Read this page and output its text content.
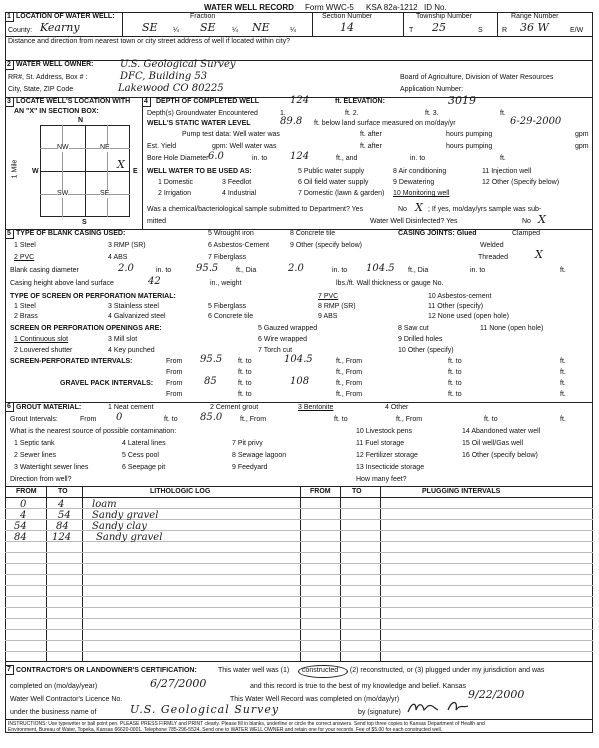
WATER WELL RECORD Form WWC-5 KSA 82a-1212 ID No.
1 LOCATION OF WATER WELL:	Fraction	Section Number	Township Number	Range Number
County: Kearny	SE ¼ SE ¼ NE	¼	14	T 25	S	R 36 W	E/W
Distance and direction from nearest town or city street address of well if located within city?
2 WATER WELL OWNER:	U.S. Geological Survey
RR#, St. Address, Box # :	DFC, Building 53
City, State, ZIP Code	Lakewood CO 80225
Board of Agriculture, Division of Water Resources
Application Number:
3 LOCATE WELL'S LOCATION WITH
AN "X" IN SECTION BOX:
N
NW	NE
SW	SE
W	E
S
X
1 Mile
4 DEPTH OF COMPLETED WELL	124	ft. ELEVATION:	3019
Depth(s) Groundwater Encountered	1.	ft. 2.	ft. 3.	ft.
WELL'S STATIC WATER LEVEL	89.8 ft. below land surface measured on mo/day/yr	6-29-2000
Pump test data: Well water was	ft. after	hours pumping	gpm
Est. Yield	gpm: Well water was	ft. after	hours pumping	gpm
Bore Hole Diameter 6.0	in. to 124	ft., and	in. to	ft.
WELL WATER TO BE USED AS:	5 Public water supply	8 Air conditioning	11 Injection well
1 Domestic	3 Feedlot	6 Oil field water supply	9 Dewatering	12 Other (Specify below)
2 Irrigation	4 Industrial	7 Domestic (lawn & garden) 10 Monitoring well
Was a chemical/bacteriological sample submitted to Department? Yes	No X ; If yes, mo/day/yrs sample was sub-
mitted	Water Well Disinfected? Yes	No X
5 TYPE OF BLANK CASING USED:	5 Wrought iron	8 Concrete tile	CASING JOINTS: Glued	Clamped
1 Steel	3 RMP (SR)	6 Asbestos-Cement	9 Other (specify below)	Welded
2 PVC	4 ABS	7 Fiberglass	Threaded X
Blank casing diameter	2.0	in. to 95.5	ft., Dia	2.0	in. to 104.5 ft., Dia	in. to	ft.
Casing height above land surface	42	in., weight	lbs./ft. Wall thickness or gauge No.
TYPE OF SCREEN OR PERFORATION MATERIAL:	7 PVC	10 Asbestos-cement
1 Steel	3 Stainless steel	5 Fiberglass	8 RMP (SR)	11 Other (specify)
2 Brass	4 Galvanized steel	6 Concrete tile	9 ABS	12 None used (open hole)
SCREEN OR PERFORATION OPENINGS ARE:	5 Gauzed wrapped	8 Saw cut	11 None (open hole)
1 Continuous slot	3 Mill slot	6 Wire wrapped	9 Drilled holes
2 Louvered shutter	4 Key punched	7 Torch cut	10 Other (specify)
SCREEN-PERFORATED INTERVALS:	From 95.5 ft. to	104.5	ft., From	ft. to	ft.
From	ft. to	ft., From	ft. to	ft.
GRAVEL PACK INTERVALS: From 85	ft. to	108	ft., From	ft. to	ft.
From	ft. to	ft., From	ft. to	ft.
6 GROUT MATERIAL:	1 Neat cement	2 Cement grout	3 Bentonite	4 Other
Grout Intervals:	From 0	ft. to 85.0	ft., From	ft. to	ft., From	ft. to	ft.
What is the nearest source of possible contamination:	10 Livestock pens	14 Abandoned water well
1 Septic tank	4 Lateral lines	7 Pit privy	11 Fuel storage	15 Oil well/Gas well
2 Sewer lines	5 Cess pool	8 Sewage lagoon	12 Fertilizer storage	16 Other (specify below)
3 Watertight sewer lines	6 Seepage pit	9 Feedyard	13 Insecticide storage
Direction from well?	How many feet?
FROM	TO	LITHOLOGIC LOG	FROM	TO	PLUGGING INTERVALS
0	4	loam
4	54 Sandy gravel
54	84 Sandy clay
84	124 Sandy gravel
7 CONTRACTOR'S OR LANDOWNER'S CERTIFICATION:	This water well was (1) constructed , (2) reconstructed, or (3) plugged under my jurisdiction and was
completed on (mo/day/year)	6/27/2000	and this record is true to the best of my knowledge and belief. Kansas
Water Well Contractor's Licence No.	This Water Well Record was completed on (mo/day/yr)	9/22/2000
under the business name of	U.S. Geological Survey	by (signature)
INSTRUCTIONS: Use typewriter or ball point pen. PLEASE PRESS FIRMLY and PRINT clearly. Please fill in blanks, underline or circle the correct answers. Send top three copies to Kansas Department of Health and
Environment, Bureau of Water, Topeka, Kansas 66620-0001. Telephone 785-296-5524. Send one to WATER WELL OWNER and retain one for your records. Fee of $5.00 for each constructed well.
